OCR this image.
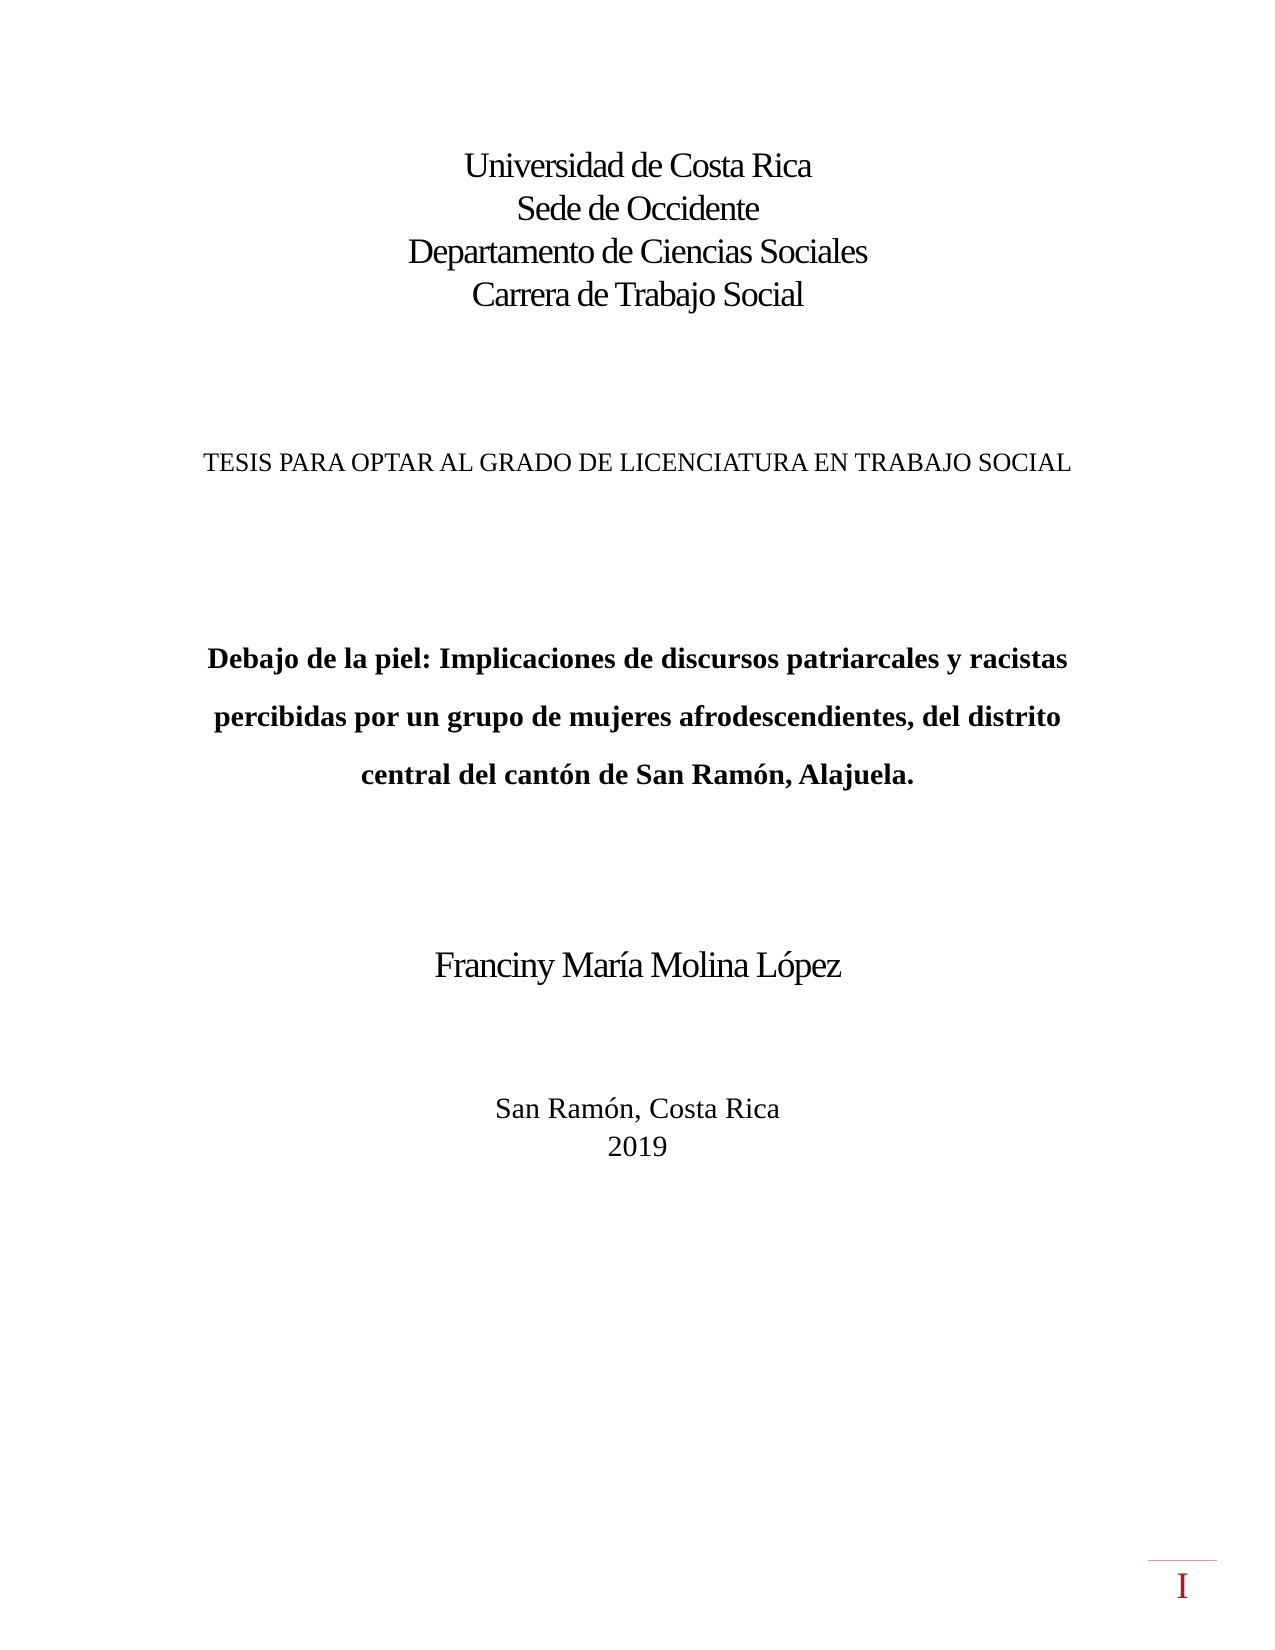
Universidad de Costa Rica
Sede de Occidente
Departamento de Ciencias Sociales
Carrera de Trabajo Social
TESIS PARA OPTAR AL GRADO DE LICENCIATURA EN TRABAJO SOCIAL
Debajo de la piel: Implicaciones de discursos patriarcales y racistas percibidas por un grupo de mujeres afrodescendientes, del distrito central del cantón de San Ramón, Alajuela.
Franciny María Molina López
San Ramón, Costa Rica
2019
I
